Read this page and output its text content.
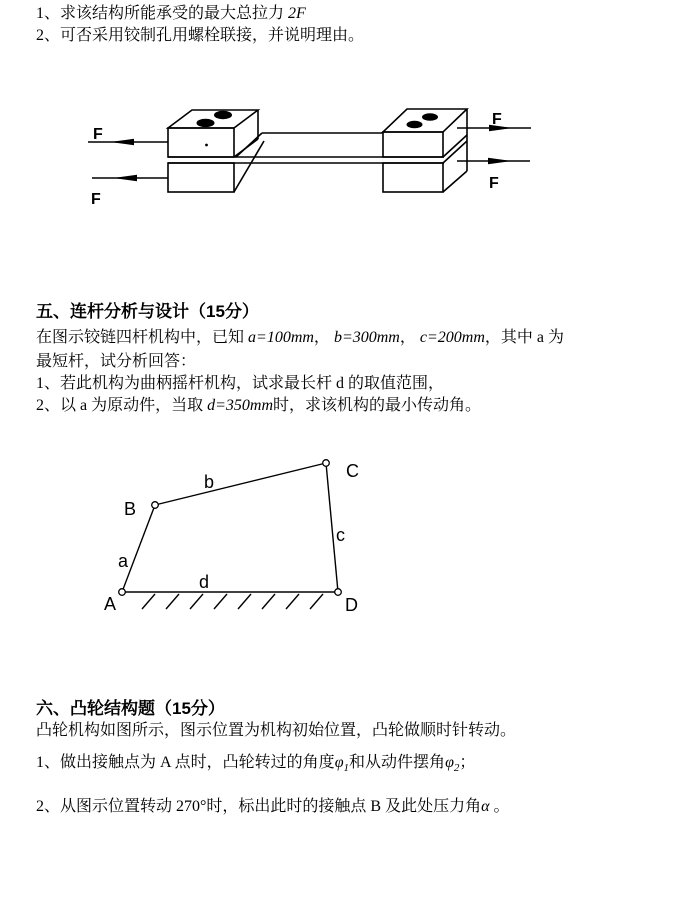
1、求该结构所能承受的最大总拉力 2F
2、可否采用铰制孔用螺栓联接，并说明理由。
F
F
F
F
五、连杆分析与设计（15分）
在图示铰链四杆机构中，已知 a=100mm， b=300mm， c=200mm，其中 a 为
最短杆，试分析回答：
1、若此机构为曲柄摇杆机构，试求最长杆 d 的取值范围，
2、以 a 为原动件，当取 d=350mm时，求该机构的最小传动角。
A
B
C
D
a
b
c
d
六、凸轮结构题（15分）
凸轮机构如图所示，图示位置为机构初始位置，凸轮做顺时针转动。
1、做出接触点为 A 点时，凸轮转过的角度$\varphi_1$和从动件摆角$\varphi_2$；
2、从图示位置转动 270°时，标出此时的接触点 B 及此处压力角α 。
